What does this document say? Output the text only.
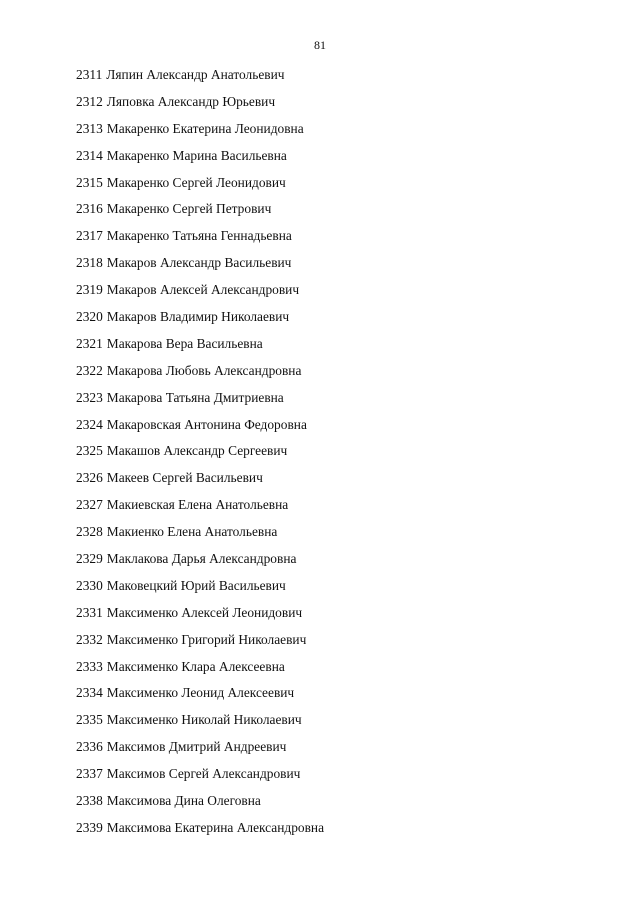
81
2311 Ляпин Александр Анатольевич
2312 Ляповка Александр Юрьевич
2313 Макаренко Екатерина Леонидовна
2314 Макаренко Марина Васильевна
2315 Макаренко Сергей Леонидович
2316 Макаренко Сергей Петрович
2317 Макаренко Татьяна Геннадьевна
2318 Макаров Александр Васильевич
2319 Макаров Алексей Александрович
2320 Макаров Владимир Николаевич
2321 Макарова Вера Васильевна
2322 Макарова Любовь Александровна
2323 Макарова Татьяна Дмитриевна
2324 Макаровская Антонина Федоровна
2325 Макашов Александр Сергеевич
2326 Макеев Сергей Васильевич
2327 Макиевская Елена Анатольевна
2328 Макиенко Елена Анатольевна
2329 Маклакова Дарья Александровна
2330 Маковецкий Юрий Васильевич
2331 Максименко Алексей Леонидович
2332 Максименко Григорий Николаевич
2333 Максименко Клара Алексеевна
2334 Максименко Леонид Алексеевич
2335 Максименко Николай Николаевич
2336 Максимов Дмитрий Андреевич
2337 Максимов Сергей Александрович
2338 Максимова Дина Олеговна
2339 Максимова Екатерина Александровна
